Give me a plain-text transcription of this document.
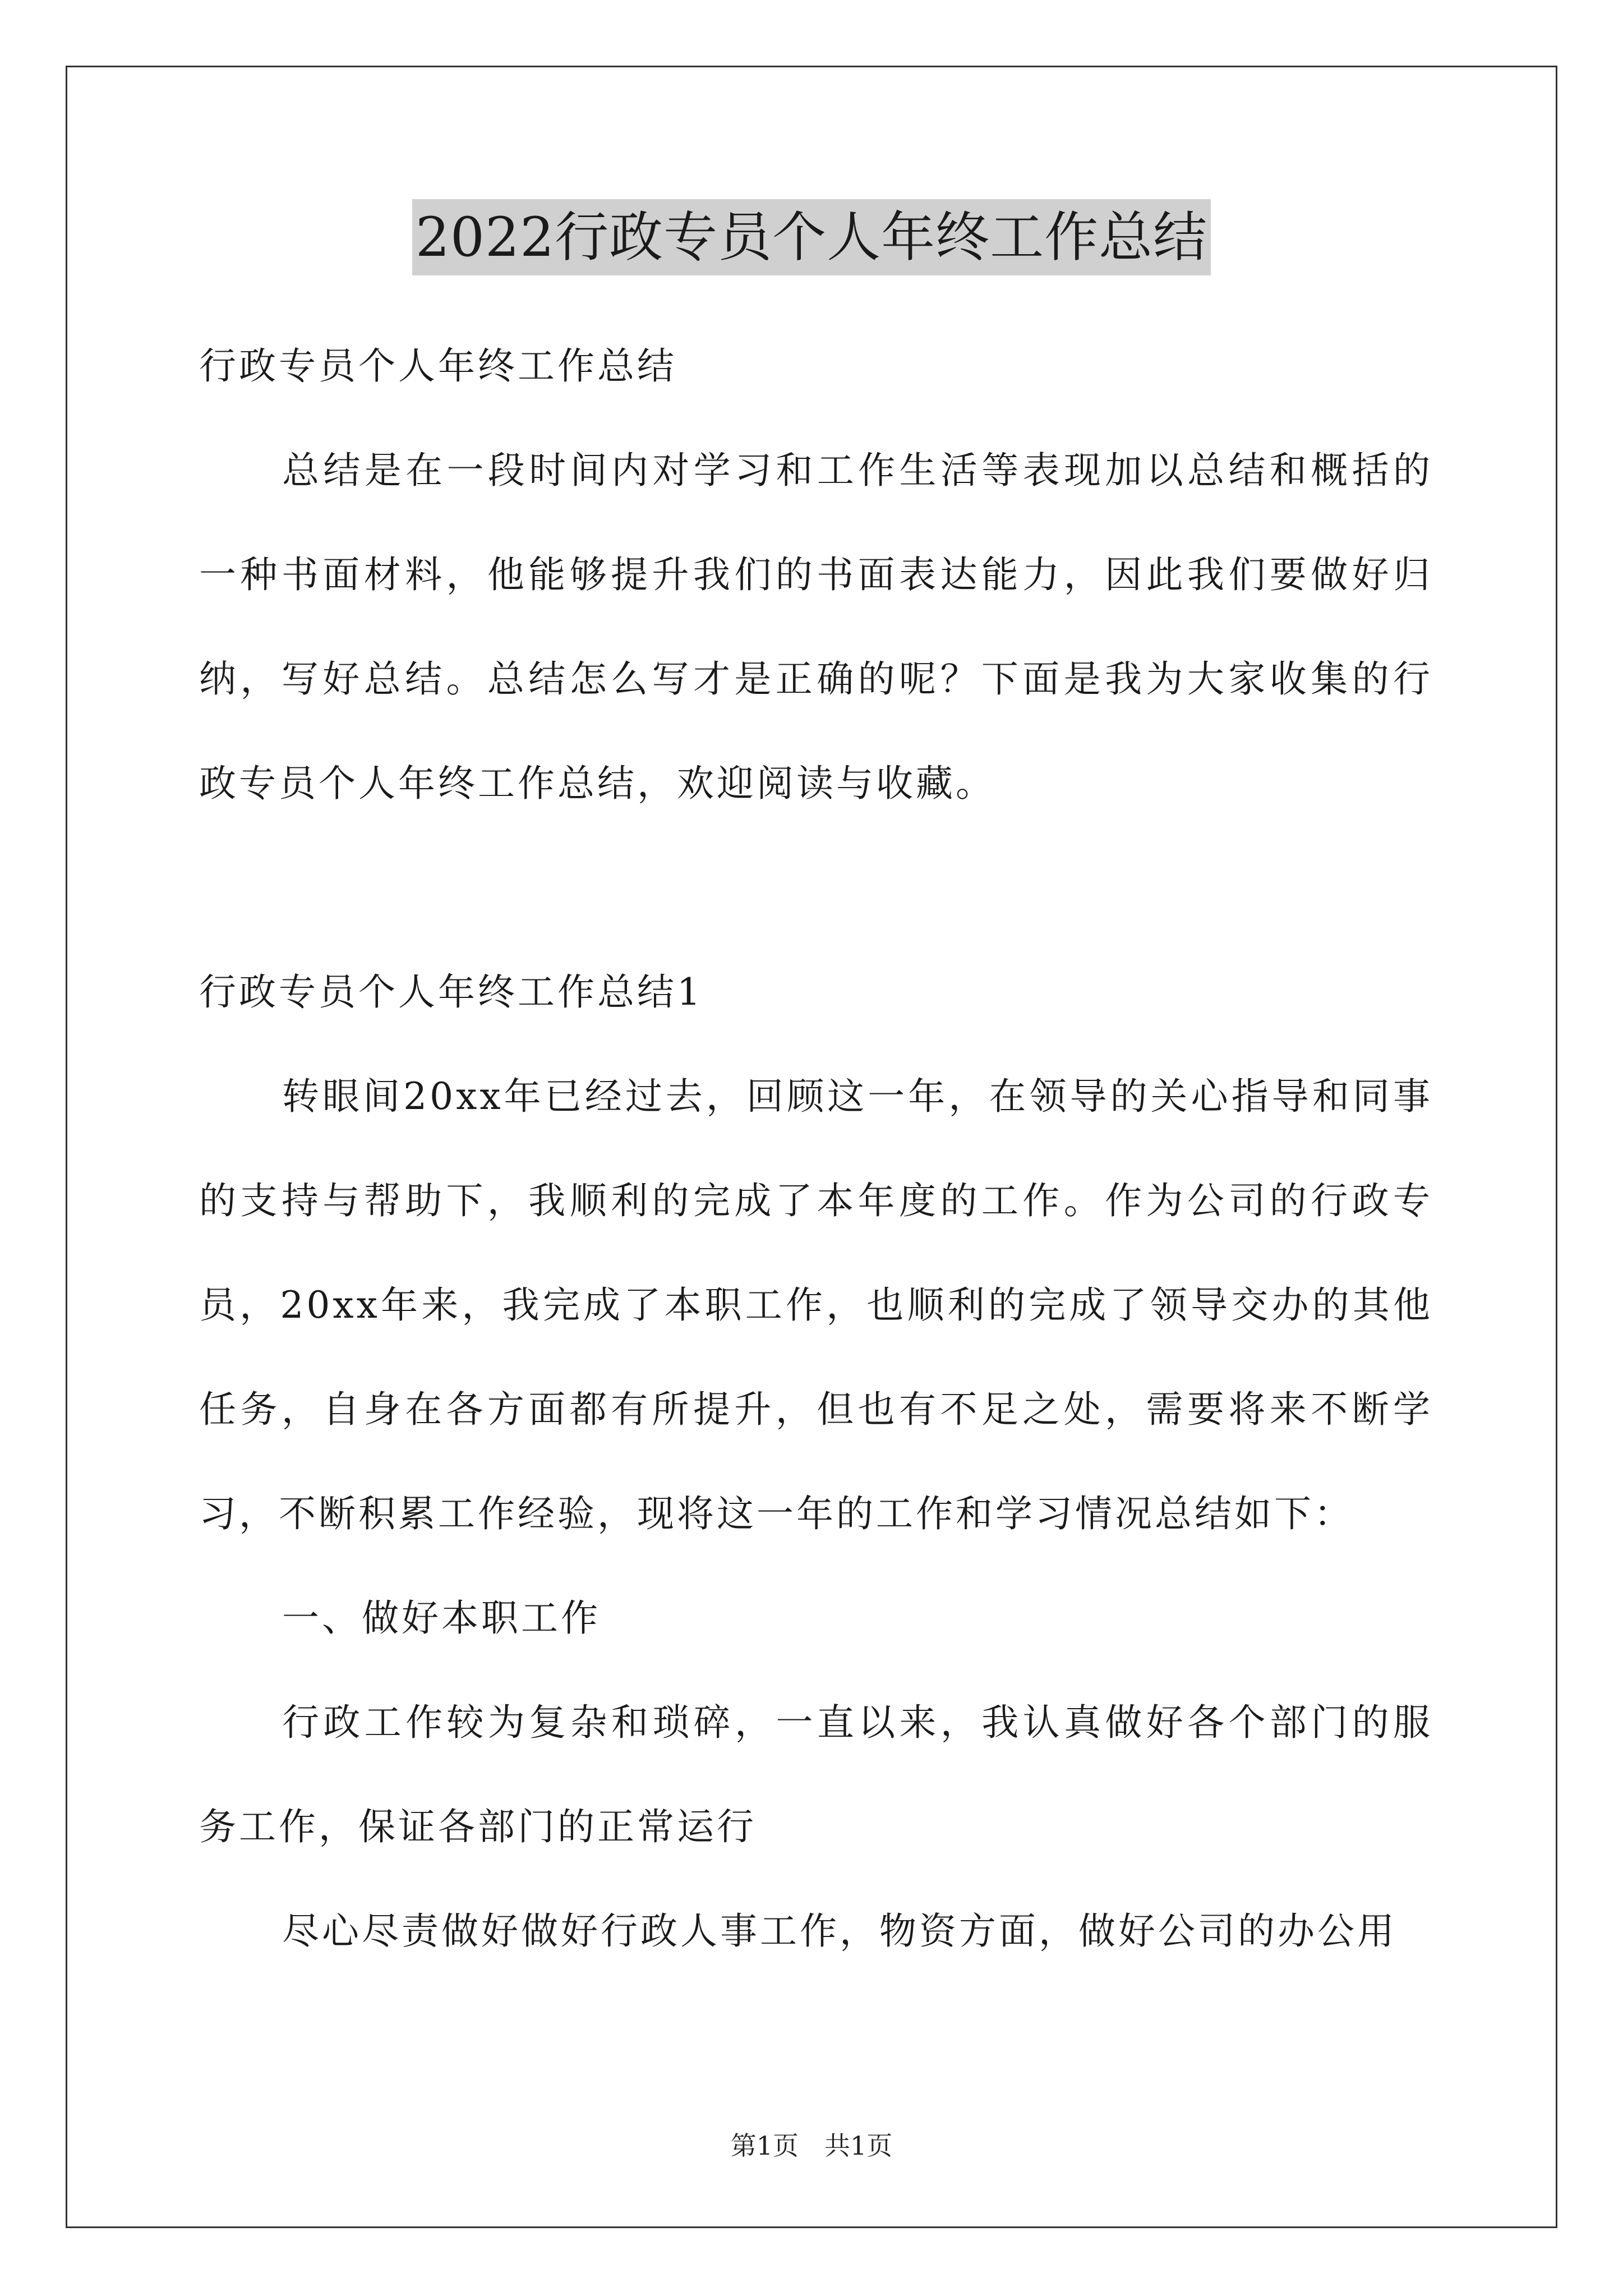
2022行政专员个人年终工作总结

行政专员个人年终工作总结

总结是在一段时间内对学习和工作生活等表现加以总结和概括的一种书面材料，他能够提升我们的书面表达能力，因此我们要做好归纳，写好总结。总结怎么写才是正确的呢？下面是我为大家收集的行政专员个人年终工作总结，欢迎阅读与收藏。

行政专员个人年终工作总结1

转眼间20xx年已经过去，回顾这一年，在领导的关心指导和同事的支持与帮助下，我顺利的完成了本年度的工作。作为公司的行政专员，20xx年来，我完成了本职工作，也顺利的完成了领导交办的其他任务，自身在各方面都有所提升，但也有不足之处，需要将来不断学习，不断积累工作经验，现将这一年的工作和学习情况总结如下：

一、做好本职工作

行政工作较为复杂和琐碎，一直以来，我认真做好各个部门的服务工作，保证各部门的正常运行

尽心尽责做好做好行政人事工作，物资方面，做好公司的办公用

第1页　共1页
